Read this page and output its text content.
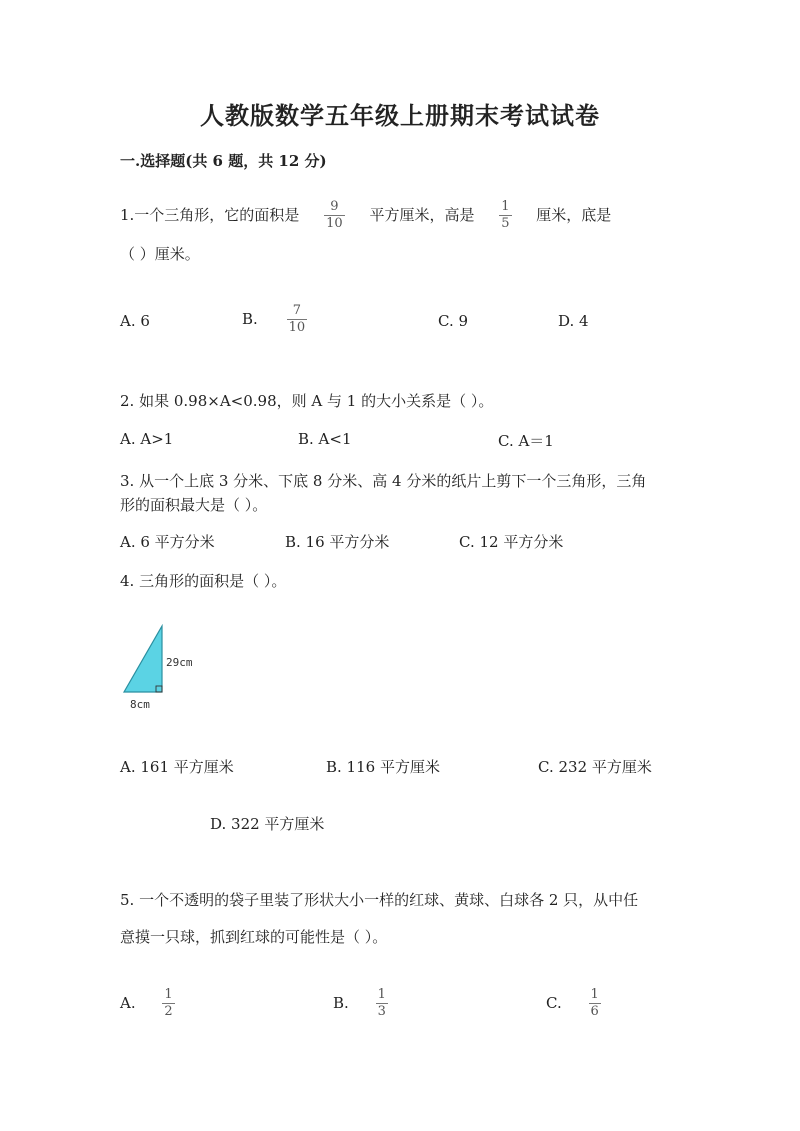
人教版数学五年级上册期末考试试卷
一.选择题(共 6 题，共 12 分)
1.一个三角形，它的面积是 $\frac{9}{10}$ 平方厘米，高是 $\frac{1}{5}$ 厘米，底是
（ ）厘米。
A. 6	B. $\frac{7}{10}$	C. 9	D. 4
2. 如果 0.98×A<0.98，则 A 与 1 的大小关系是（ ）。
A. A>1	B. A<1	C. A＝1
3. 从一个上底 3 分米、下底 8 分米、高 4 分米的纸片上剪下一个三角形，三角
形的面积最大是（ ）。
A. 6 平方分米	B. 16 平方分米	C. 12 平方分米
4. 三角形的面积是（ ）。
29cm
8cm
A. 161 平方厘米	B. 116 平方厘米	C. 232 平方厘米
D. 322 平方厘米
5. 一个不透明的袋子里装了形状大小一样的红球、黄球、白球各 2 只，从中任
意摸一只球，抓到红球的可能性是（ ）。
A. $\frac{1}{2}$	B. $\frac{1}{3}$	C. $\frac{1}{6}$
